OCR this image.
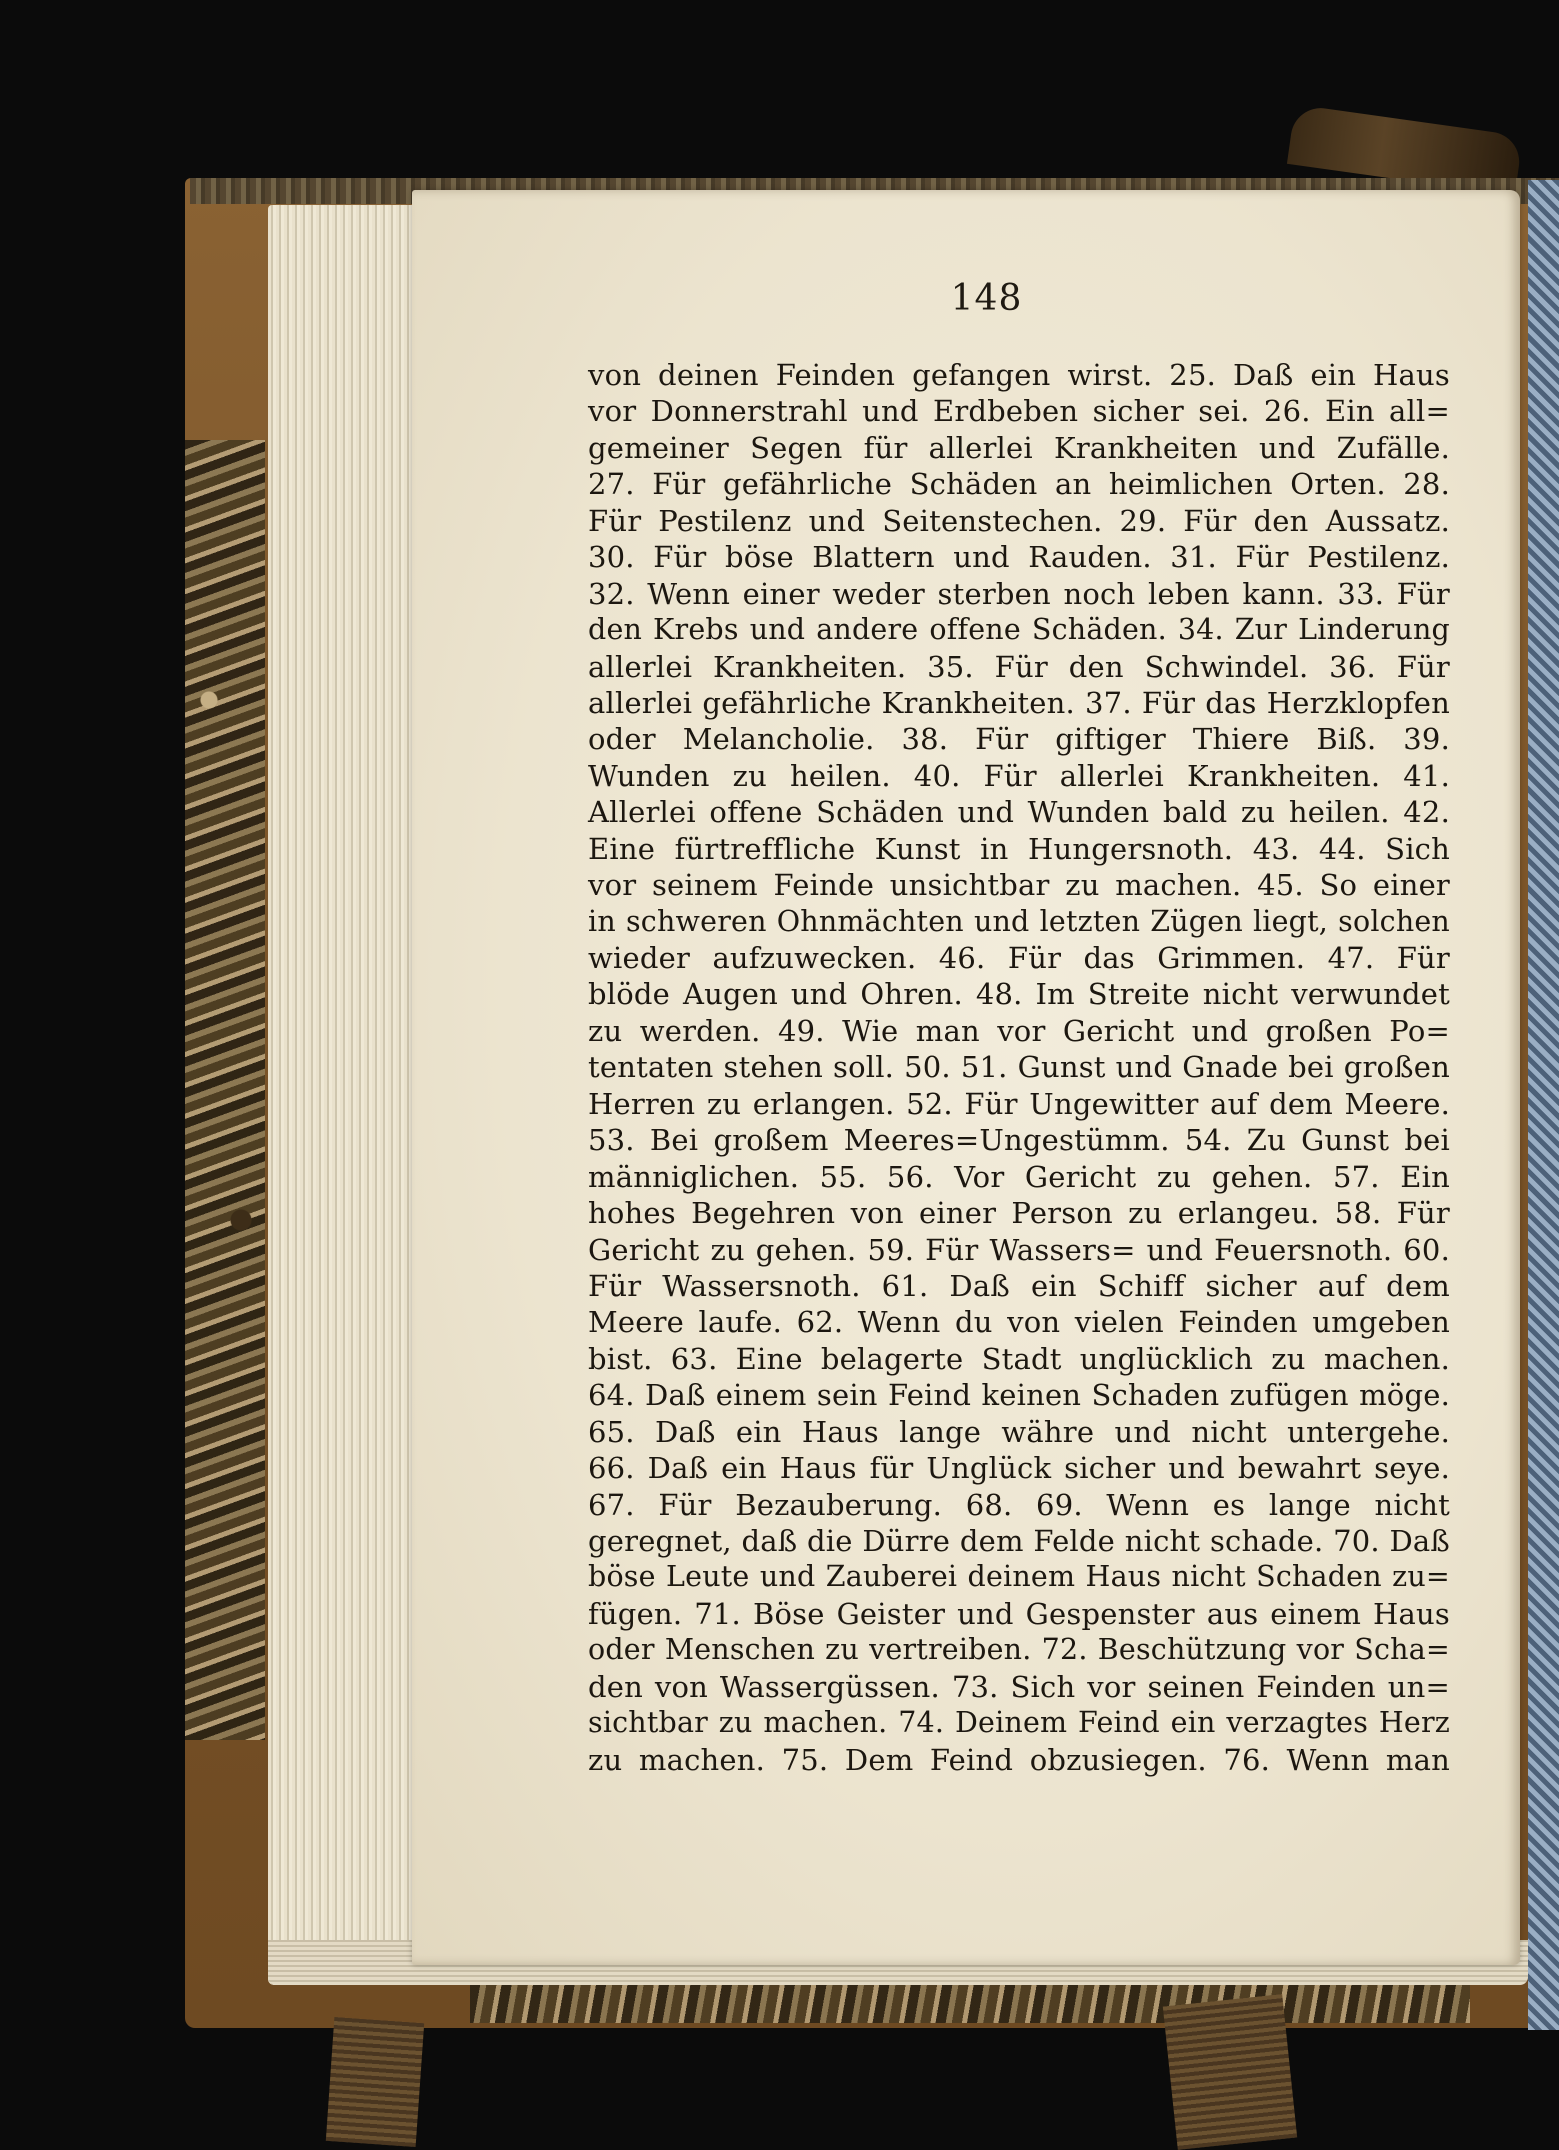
148
von deinen Feinden gefangen wirst. 25. Daß ein Haus
vor Donnerstrahl und Erdbeben sicher sei. 26. Ein all=
gemeiner Segen für allerlei Krankheiten und Zufälle.
27. Für gefährliche Schäden an heimlichen Orten. 28.
Für Pestilenz und Seitenstechen. 29. Für den Aussatz.
30. Für böse Blattern und Rauden. 31. Für Pestilenz.
32. Wenn einer weder sterben noch leben kann. 33. Für
den Krebs und andere offene Schäden. 34. Zur Linderung
allerlei Krankheiten. 35. Für den Schwindel. 36. Für
allerlei gefährliche Krankheiten. 37. Für das Herzklopfen
oder Melancholie. 38. Für giftiger Thiere Biß. 39.
Wunden zu heilen. 40. Für allerlei Krankheiten. 41.
Allerlei offene Schäden und Wunden bald zu heilen. 42.
Eine fürtreffliche Kunst in Hungersnoth. 43. 44. Sich
vor seinem Feinde unsichtbar zu machen. 45. So einer
in schweren Ohnmächten und letzten Zügen liegt, solchen
wieder aufzuwecken. 46. Für das Grimmen. 47. Für
blöde Augen und Ohren. 48. Im Streite nicht verwundet
zu werden. 49. Wie man vor Gericht und großen Po=
tentaten stehen soll. 50. 51. Gunst und Gnade bei großen
Herren zu erlangen. 52. Für Ungewitter auf dem Meere.
53. Bei großem Meeres=Ungestümm. 54. Zu Gunst bei
männiglichen. 55. 56. Vor Gericht zu gehen. 57. Ein
hohes Begehren von einer Person zu erlangeu. 58. Für
Gericht zu gehen. 59. Für Wassers= und Feuersnoth. 60.
Für Wassersnoth. 61. Daß ein Schiff sicher auf dem
Meere laufe. 62. Wenn du von vielen Feinden umgeben
bist. 63. Eine belagerte Stadt unglücklich zu machen.
64. Daß einem sein Feind keinen Schaden zufügen möge.
65. Daß ein Haus lange währe und nicht untergehe.
66. Daß ein Haus für Unglück sicher und bewahrt seye.
67. Für Bezauberung. 68. 69. Wenn es lange nicht
geregnet, daß die Dürre dem Felde nicht schade. 70. Daß
böse Leute und Zauberei deinem Haus nicht Schaden zu=
fügen. 71. Böse Geister und Gespenster aus einem Haus
oder Menschen zu vertreiben. 72. Beschützung vor Scha=
den von Wassergüssen. 73. Sich vor seinen Feinden un=
sichtbar zu machen. 74. Deinem Feind ein verzagtes Herz
zu machen. 75. Dem Feind obzusiegen. 76. Wenn man
